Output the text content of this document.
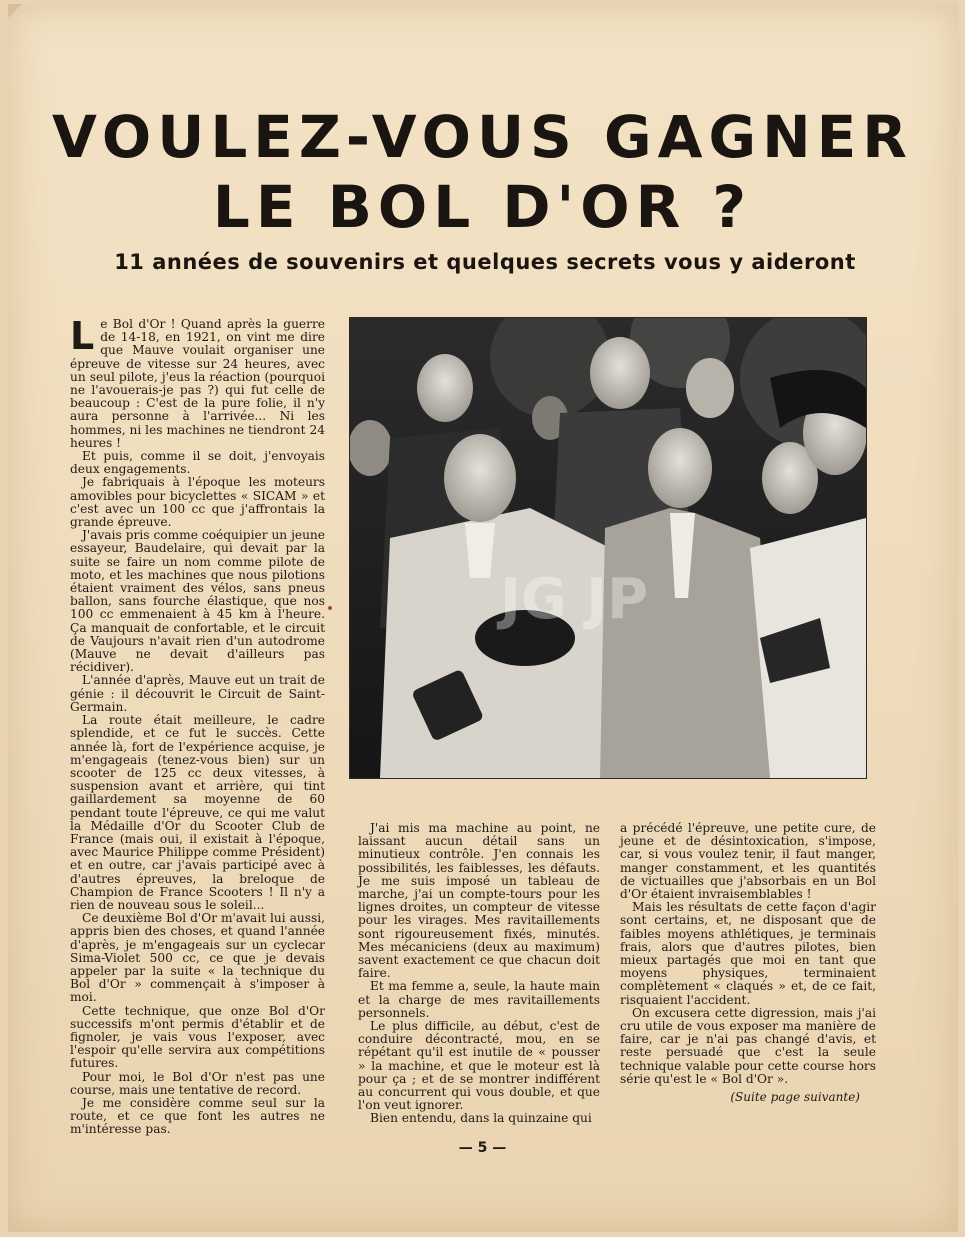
VOULEZ-VOUS GAGNER
LE BOL D'OR ?
11 années de souvenirs et quelques secrets vous y aideront

Le Bol d'Or ! Quand après la guerre de 14-18, en 1921, on vint me dire que Mauve voulait organiser une épreuve de vitesse sur 24 heures, avec un seul pilote, j'eus la réaction (pourquoi ne l'avouerais-je pas ?) qui fut celle de beaucoup : C'est de la pure folie, il n'y aura personne à l'arrivée... Ni les hommes, ni les machines ne tiendront 24 heures !

Et puis, comme il se doit, j'envoyais deux engagements.

Je fabriquais à l'époque les moteurs amovibles pour bicyclettes « SICAM » et c'est avec un 100 cc que j'affrontais la grande épreuve.

J'avais pris comme coéquipier un jeune essayeur, Baudelaire, qui devait par la suite se faire un nom comme pilote de moto, et les machines que nous pilotions étaient vraiment des vélos, sans pneus ballon, sans fourche élastique, que nos 100 cc emmenaient à 45 km à l'heure. Ça manquait de confortable, et le circuit de Vaujours n'avait rien d'un autodrome (Mauve ne devait d'ailleurs pas récidiver).

L'année d'après, Mauve eut un trait de génie : il découvrit le Circuit de Saint-Germain.

La route était meilleure, le cadre splendide, et ce fut le succès. Cette année là, fort de l'expérience acquise, je m'engageais (tenez-vous bien) sur un scooter de 125 cc deux vitesses, à suspension avant et arrière, qui tint gaillardement sa moyenne de 60 pendant toute l'épreuve, ce qui me valut la Médaille d'Or du Scooter Club de France (mais oui, il existait à l'époque, avec Maurice Philippe comme Président) et en outre, car j'avais participé avec à d'autres épreuves, la breloque de Champion de France Scooters ! Il n'y a rien de nouveau sous le soleil...

Ce deuxième Bol d'Or m'avait lui aussi, appris bien des choses, et quand l'année d'après, je m'engageais sur un cyclecar Sima-Violet 500 cc, ce que je devais appeler par la suite « la technique du Bol d'Or » commençait à s'imposer à moi.

Cette technique, que onze Bol d'Or successifs m'ont permis d'établir et de fignoler, je vais vous l'exposer, avec l'espoir qu'elle servira aux compétitions futures.

Pour moi, le Bol d'Or n'est pas une course, mais une tentative de record.

Je me considère comme seul sur la route, et ce que font les autres ne m'intéresse pas.

JG JP

J'ai mis ma machine au point, ne laissant aucun détail sans un minutieux contrôle. J'en connais les possibilités, les faiblesses, les défauts. Je me suis imposé un tableau de marche, j'ai un compte-tours pour les lignes droites, un compteur de vitesse pour les virages. Mes ravitaillements sont rigoureusement fixés, minutés. Mes mécaniciens (deux au maximum) savent exactement ce que chacun doit faire.

Et ma femme a, seule, la haute main et la charge de mes ravitaillements personnels.

Le plus difficile, au début, c'est de conduire décontracté, mou, en se répétant qu'il est inutile de « pousser » la machine, et que le moteur est là pour ça ; et de se montrer indifférent au concurrent qui vous double, et que l'on veut ignorer.

Bien entendu, dans la quinzaine qui

a précédé l'épreuve, une petite cure, de jeune et de désintoxication, s'impose, car, si vous voulez tenir, il faut manger, manger constamment, et les quantités de victuailles que j'absorbais en un Bol d'Or étaient invraisemblables !

Mais les résultats de cette façon d'agir sont certains, et, ne disposant que de faibles moyens athlétiques, je terminais frais, alors que d'autres pilotes, bien mieux partagés que moi en tant que moyens physiques, terminaient complètement « claqués » et, de ce fait, risquaient l'accident.

On excusera cette digression, mais j'ai cru utile de vous exposer ma manière de faire, car je n'ai pas changé d'avis, et reste persuadé que c'est la seule technique valable pour cette course hors série qu'est le « Bol d'Or ».

(Suite page suivante)
— 5 —
